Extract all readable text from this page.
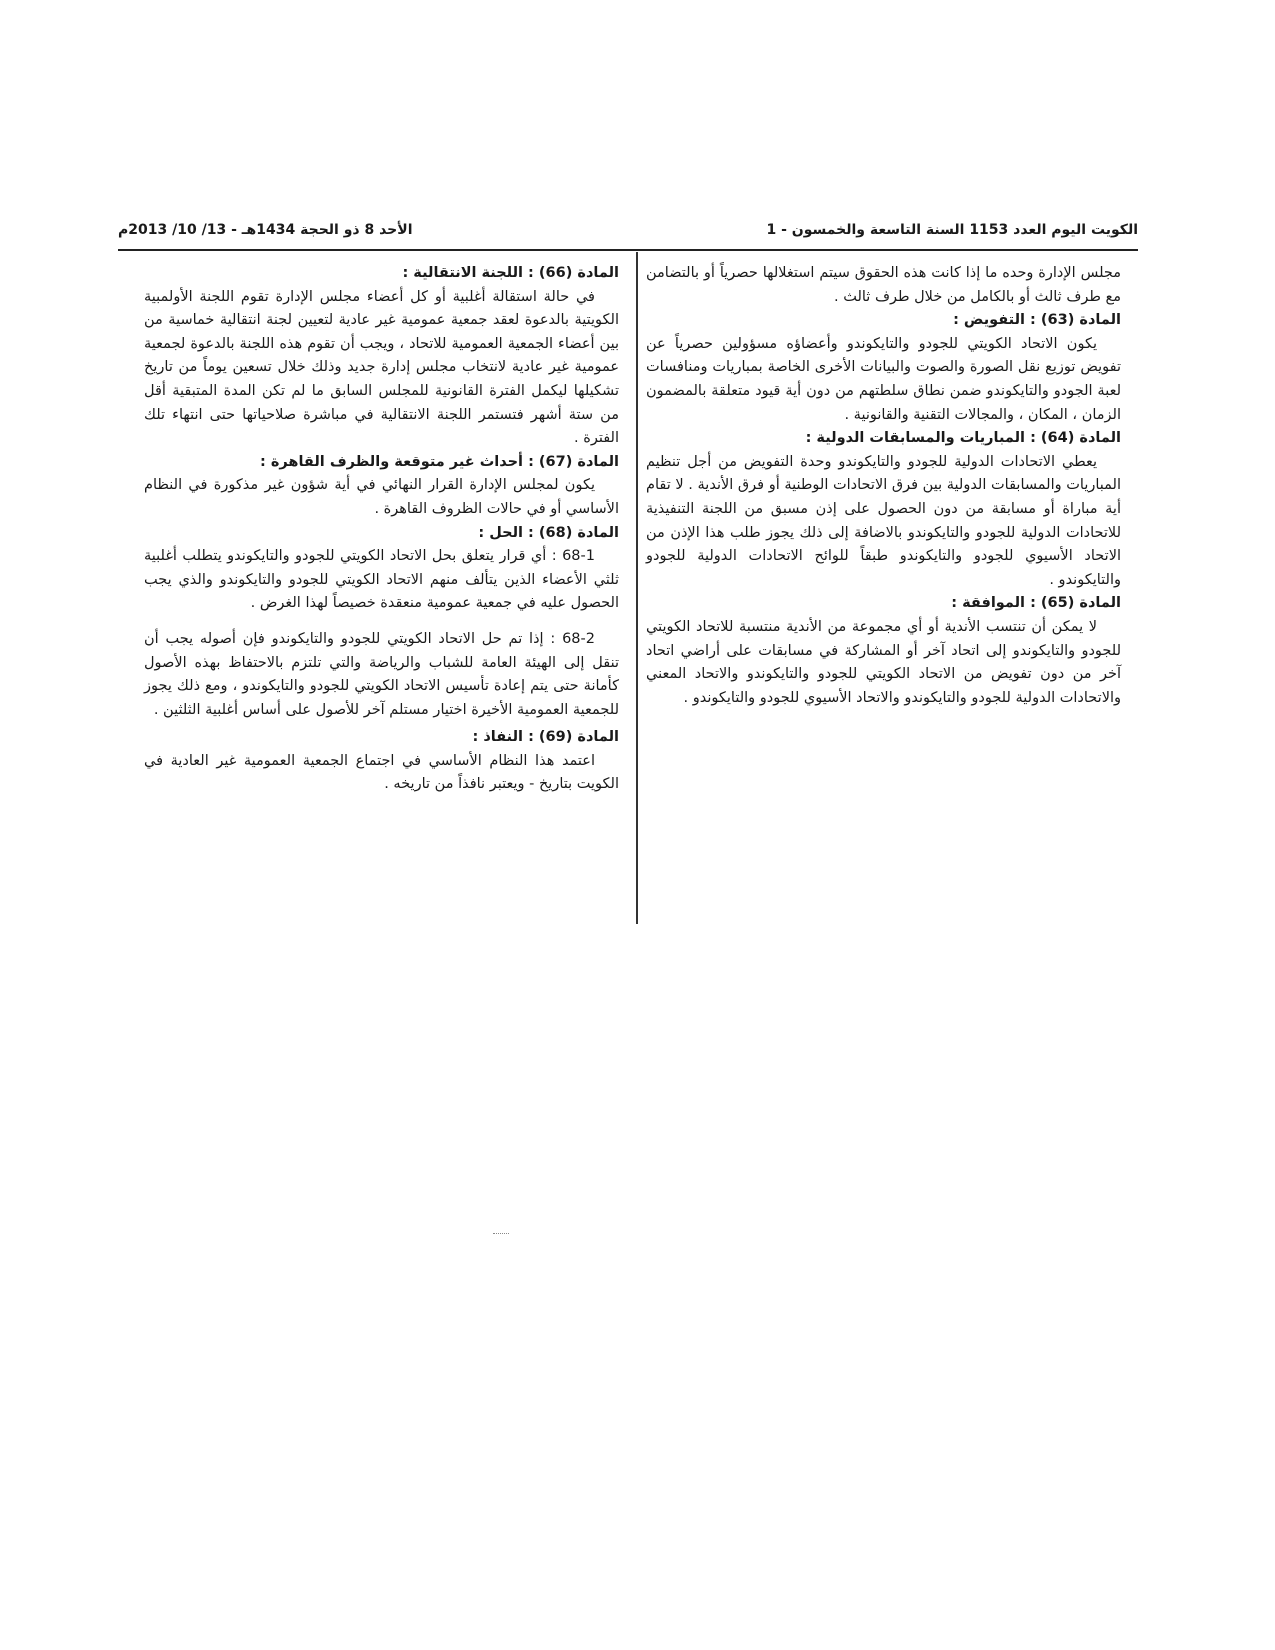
الكويت اليوم العدد 1153 السنة التاسعة والخمسون - 1
الأحد 8 ذو الحجة 1434هـ - 13/ 10/ 2013م

مجلس الإدارة وحده ما إذا كانت هذه الحقوق سيتم استغلالها حصرياً أو بالتضامن مع طرف ثالث أو بالكامل من خلال طرف ثالث .

المادة (63) : التفويض :

يكون الاتحاد الكويتي للجودو والتايكوندو وأعضاؤه مسؤولين حصرياً عن تفويض توزيع نقل الصورة والصوت والبيانات الأخرى الخاصة بمباريات ومنافسات لعبة الجودو والتايكوندو ضمن نطاق سلطتهم من دون أية قيود متعلقة بالمضمون الزمان ، المكان ، والمجالات التقنية والقانونية .

المادة (64) : المباريات والمسابقات الدولية :

يعطي الاتحادات الدولية للجودو والتايكوندو وحدة التفويض من أجل تنظيم المباريات والمسابقات الدولية بين فرق الاتحادات الوطنية أو فرق الأندية . لا تقام أية مباراة أو مسابقة من دون الحصول على إذن مسبق من اللجنة التنفيذية للاتحادات الدولية للجودو والتايكوندو بالاضافة إلى ذلك يجوز طلب هذا الإذن من الاتحاد الأسيوي للجودو والتايكوندو طبقاً للوائح الاتحادات الدولية للجودو والتايكوندو .

المادة (65) : الموافقة :

لا يمكن أن تنتسب الأندية أو أي مجموعة من الأندية منتسبة للاتحاد الكويتي للجودو والتايكوندو إلى اتحاد آخر أو المشاركة في مسابقات على أراضي اتحاد آخر من دون تفويض من الاتحاد الكويتي للجودو والتايكوندو والاتحاد المعني والاتحادات الدولية للجودو والتايكوندو والاتحاد الأسيوي للجودو والتايكوندو .

المادة (66) : اللجنة الانتقالية :

في حالة استقالة أغلبية أو كل أعضاء مجلس الإدارة تقوم اللجنة الأولمبية الكويتية بالدعوة لعقد جمعية عمومية غير عادية لتعيين لجنة انتقالية خماسية من بين أعضاء الجمعية العمومية للاتحاد ، ويجب أن تقوم هذه اللجنة بالدعوة لجمعية عمومية غير عادية لانتخاب مجلس إدارة جديد وذلك خلال تسعين يوماً من تاريخ تشكيلها ليكمل الفترة القانونية للمجلس السابق ما لم تكن المدة المتبقية أقل من ستة أشهر فتستمر اللجنة الانتقالية في مباشرة صلاحياتها حتى انتهاء تلك الفترة .

المادة (67) : أحداث غير متوقعة والظرف القاهرة :

يكون لمجلس الإدارة القرار النهائي في أية شؤون غير مذكورة في النظام الأساسي أو في حالات الظروف القاهرة .

المادة (68) : الحل :

68-1 : أي قرار يتعلق بحل الاتحاد الكويتي للجودو والتايكوندو يتطلب أغلبية ثلثي الأعضاء الذين يتألف منهم الاتحاد الكويتي للجودو والتايكوندو والذي يجب الحصول عليه في جمعية عمومية منعقدة خصيصاً لهذا الغرض .

68-2 : إذا تم حل الاتحاد الكويتي للجودو والتايكوندو فإن أصوله يجب أن تنقل إلى الهيئة العامة للشباب والرياضة والتي تلتزم بالاحتفاظ بهذه الأصول كأمانة حتى يتم إعادة تأسيس الاتحاد الكويتي للجودو والتايكوندو ، ومع ذلك يجوز للجمعية العمومية الأخيرة اختيار مستلم آخر للأصول على أساس أغلبية الثلثين .

المادة (69) : النفاذ :

اعتمد هذا النظام الأساسي في اجتماع الجمعية العمومية غير العادية في الكويت بتاريخ - ويعتبر نافذاً من تاريخه .
